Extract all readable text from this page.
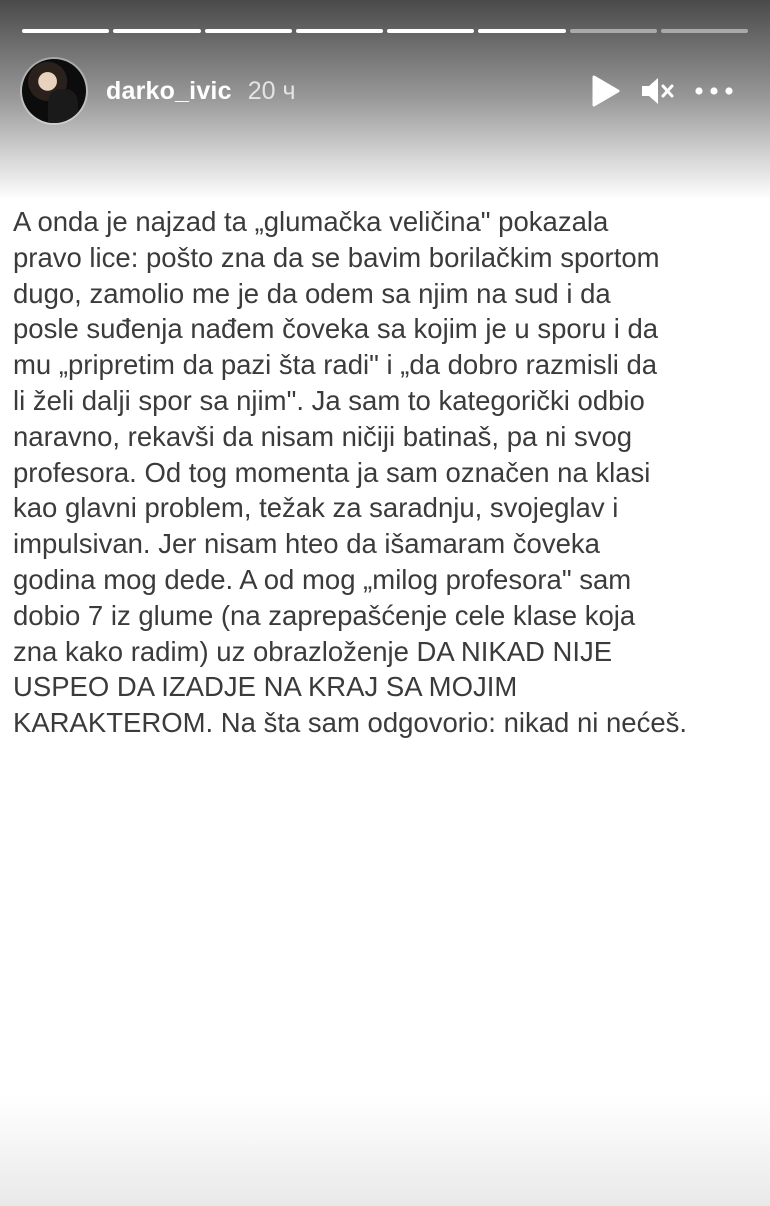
darko_ivic 20 ч
A onda je najzad ta „glumačka veličina" pokazala
pravo lice: pošto zna da se bavim borilačkim sportom
dugo, zamolio me je da odem sa njim na sud i da
posle suđenja nađem čoveka sa kojim je u sporu i da
mu „pripretim da pazi šta radi" i „da dobro razmisli da
li želi dalji spor sa njim". Ja sam to kategorički odbio
naravno, rekavši da nisam ničiji batinaš, pa ni svog
profesora. Od tog momenta ja sam označen na klasi
kao glavni problem, težak za saradnju, svojeglav i
impulsivan. Jer nisam hteo da išamaram čoveka
godina mog dede. A od mog „milog profesora" sam
dobio 7 iz glume (na zaprepašćenje cele klase koja
zna kako radim) uz obrazloženje DA NIKAD NIJE
USPEO DA IZADJE NA KRAJ SA MOJIM
KARAKTEROM. Na šta sam odgovorio: nikad ni nećeš.
